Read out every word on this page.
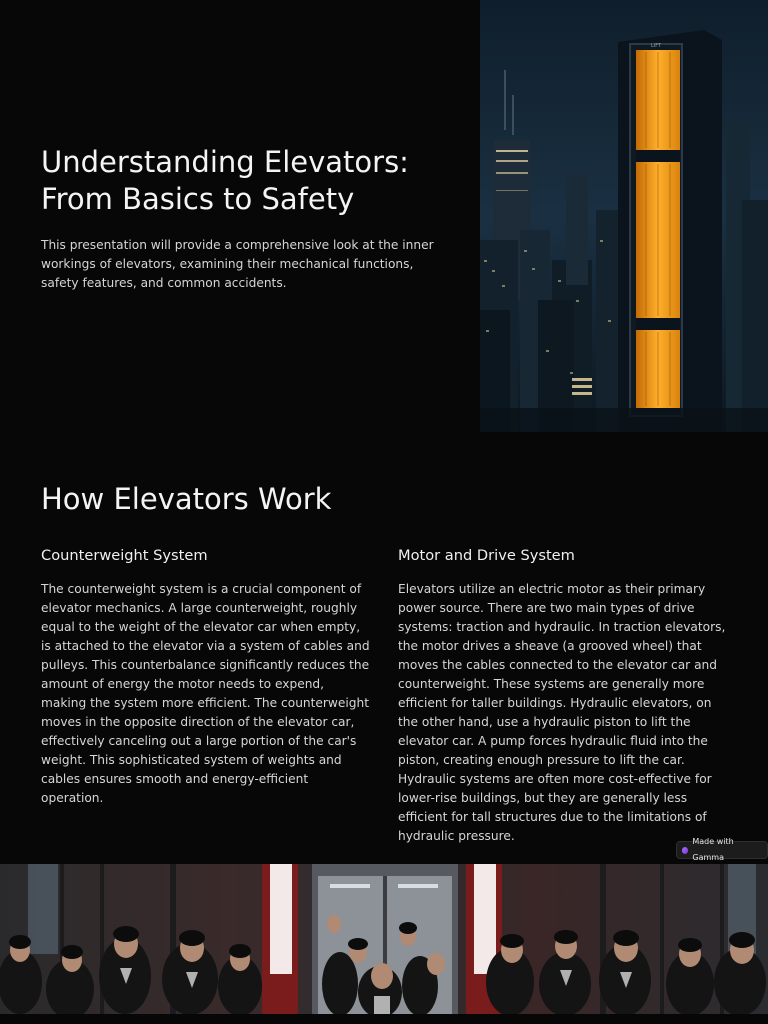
Understanding Elevators: From Basics to Safety

This presentation will provide a comprehensive look at the inner workings of elevators, examining their mechanical functions, safety features, and common accidents.

LIFT
How Elevators Work
Counterweight System

The counterweight system is a crucial component of elevator mechanics. A large counterweight, roughly equal to the weight of the elevator car when empty, is attached to the elevator via a system of cables and pulleys. This counterbalance significantly reduces the amount of energy the motor needs to expend, making the system more efficient. The counterweight moves in the opposite direction of the elevator car, effectively canceling out a large portion of the car's weight. This sophisticated system of weights and cables ensures smooth and energy-efficient operation.

Motor and Drive System

Elevators utilize an electric motor as their primary power source. There are two main types of drive systems: traction and hydraulic. In traction elevators, the motor drives a sheave (a grooved wheel) that moves the cables connected to the elevator car and counterweight. These systems are generally more efficient for taller buildings. Hydraulic elevators, on the other hand, use a hydraulic piston to lift the elevator car. A pump forces hydraulic fluid into the piston, creating enough pressure to lift the car. Hydraulic systems are often more cost-effective for lower-rise buildings, but they are generally less efficient for tall structures due to the limitations of hydraulic pressure.	Made with Gamma
